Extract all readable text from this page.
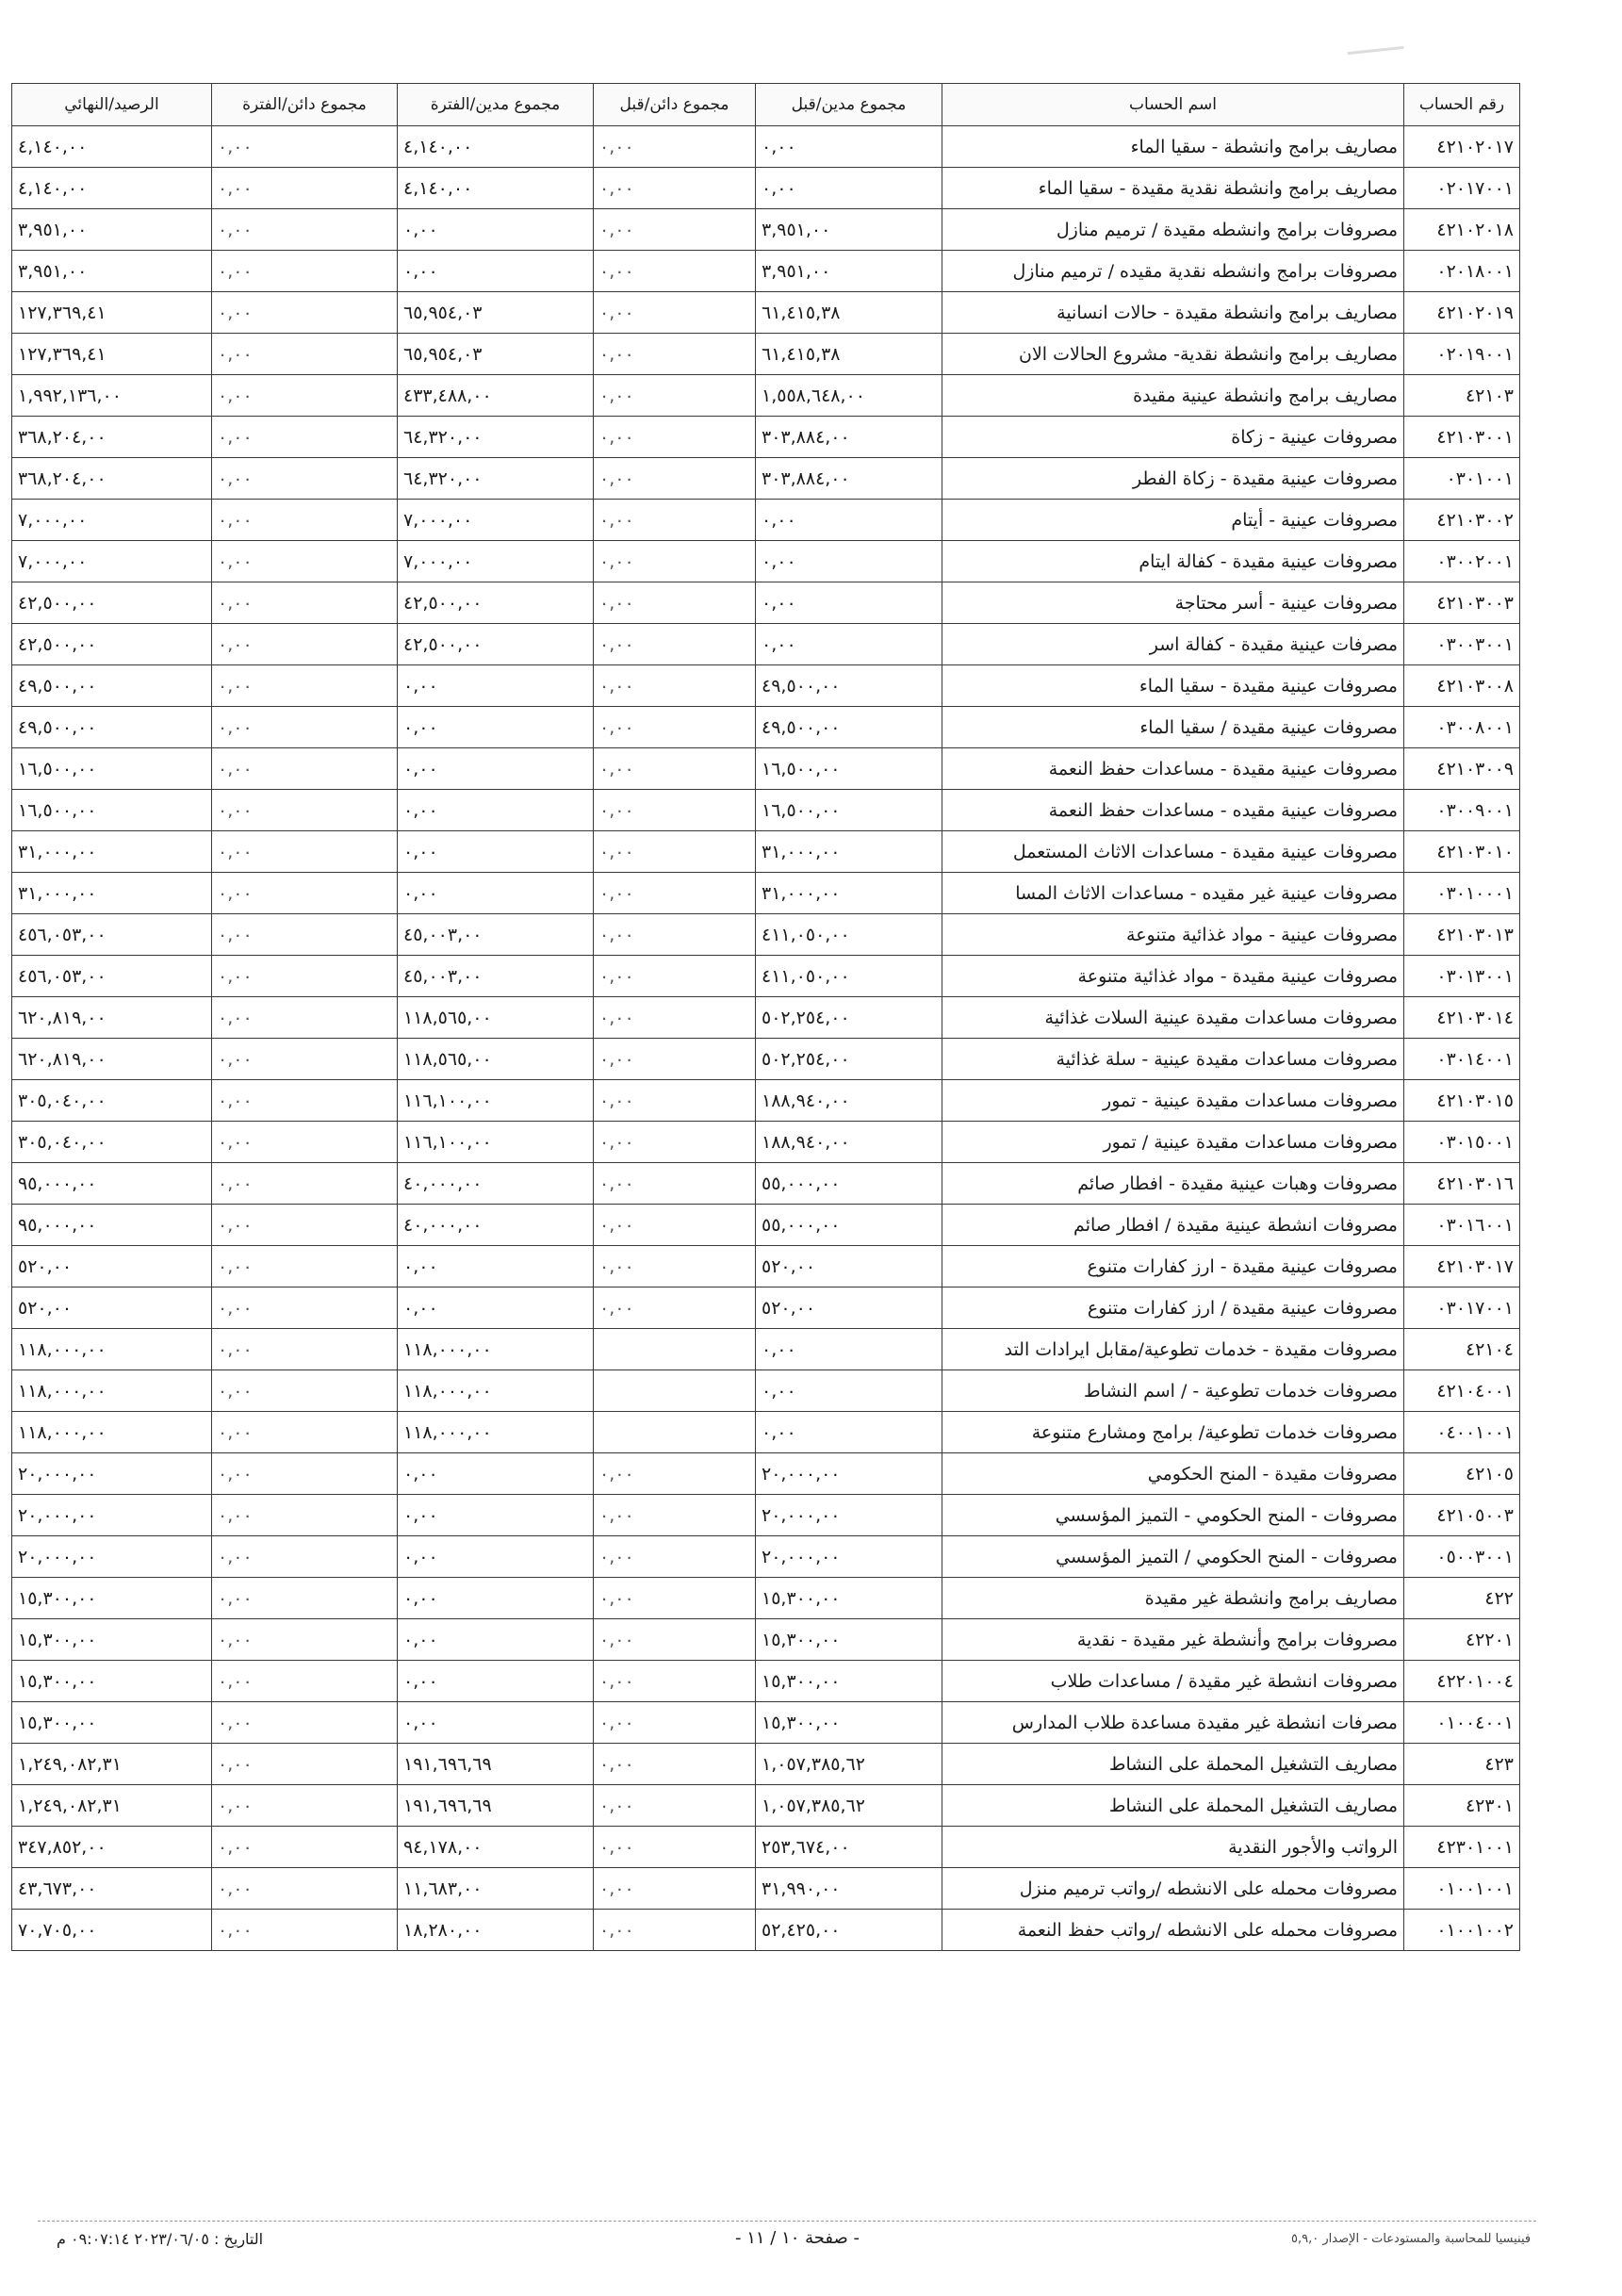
رقم الحساب	اسم الحساب	مجموع مدين/قبل	مجموع دائن/قبل	مجموع مدين/الفترة	مجموع دائن/الفترة	الرصيد/النهائي
٤٢١٠٢٠١٧	مصاريف برامج وانشطة - سقيا الماء	٠,٠٠	٠,٠٠	٤,١٤٠,٠٠	٠,٠٠	٤,١٤٠,٠٠
٠٢٠١٧٠٠١	مصاريف برامج وانشطة نقدية مقيدة - سقيا الماء	٠,٠٠	٠,٠٠	٤,١٤٠,٠٠	٠,٠٠	٤,١٤٠,٠٠
٤٢١٠٢٠١٨	مصروفات برامج وانشطه مقيدة / ترميم منازل	٣,٩٥١,٠٠	٠,٠٠	٠,٠٠	٠,٠٠	٣,٩٥١,٠٠
٠٢٠١٨٠٠١	مصروفات برامج وانشطه نقدية مقيده / ترميم منازل	٣,٩٥١,٠٠	٠,٠٠	٠,٠٠	٠,٠٠	٣,٩٥١,٠٠
٤٢١٠٢٠١٩	مصاريف برامج وانشطة مقيدة - حالات انسانية	٦١,٤١٥,٣٨	٠,٠٠	٦٥,٩٥٤,٠٣	٠,٠٠	١٢٧,٣٦٩,٤١
٠٢٠١٩٠٠١	مصاريف برامج وانشطة نقدية- مشروع الحالات الان	٦١,٤١٥,٣٨	٠,٠٠	٦٥,٩٥٤,٠٣	٠,٠٠	١٢٧,٣٦٩,٤١
٤٢١٠٣	مصاريف برامج وانشطة عينية مقيدة	١,٥٥٨,٦٤٨,٠٠	٠,٠٠	٤٣٣,٤٨٨,٠٠	٠,٠٠	١,٩٩٢,١٣٦,٠٠
٤٢١٠٣٠٠١	مصروفات عينية - زكاة	٣٠٣,٨٨٤,٠٠	٠,٠٠	٦٤,٣٢٠,٠٠	٠,٠٠	٣٦٨,٢٠٤,٠٠
٠٣٠١٠٠١	مصروفات عينية مقيدة - زكاة الفطر	٣٠٣,٨٨٤,٠٠	٠,٠٠	٦٤,٣٢٠,٠٠	٠,٠٠	٣٦٨,٢٠٤,٠٠
٤٢١٠٣٠٠٢	مصروفات عينية - أيتام	٠,٠٠	٠,٠٠	٧,٠٠٠,٠٠	٠,٠٠	٧,٠٠٠,٠٠
٠٣٠٠٢٠٠١	مصروفات عينية مقيدة - كفالة ايتام	٠,٠٠	٠,٠٠	٧,٠٠٠,٠٠	٠,٠٠	٧,٠٠٠,٠٠
٤٢١٠٣٠٠٣	مصروفات عينية - أسر محتاجة	٠,٠٠	٠,٠٠	٤٢,٥٠٠,٠٠	٠,٠٠	٤٢,٥٠٠,٠٠
٠٣٠٠٣٠٠١	مصرفات عينية مقيدة - كفالة اسر	٠,٠٠	٠,٠٠	٤٢,٥٠٠,٠٠	٠,٠٠	٤٢,٥٠٠,٠٠
٤٢١٠٣٠٠٨	مصروفات عينية مقيدة - سقيا الماء	٤٩,٥٠٠,٠٠	٠,٠٠	٠,٠٠	٠,٠٠	٤٩,٥٠٠,٠٠
٠٣٠٠٨٠٠١	مصروفات عينية مقيدة / سقيا الماء	٤٩,٥٠٠,٠٠	٠,٠٠	٠,٠٠	٠,٠٠	٤٩,٥٠٠,٠٠
٤٢١٠٣٠٠٩	مصروفات عينية مقيدة - مساعدات حفظ النعمة	١٦,٥٠٠,٠٠	٠,٠٠	٠,٠٠	٠,٠٠	١٦,٥٠٠,٠٠
٠٣٠٠٩٠٠١	مصروفات عينية مقيده - مساعدات حفظ النعمة	١٦,٥٠٠,٠٠	٠,٠٠	٠,٠٠	٠,٠٠	١٦,٥٠٠,٠٠
٤٢١٠٣٠١٠	مصروفات عينية مقيدة - مساعدات الاثاث المستعمل	٣١,٠٠٠,٠٠	٠,٠٠	٠,٠٠	٠,٠٠	٣١,٠٠٠,٠٠
٠٣٠١٠٠٠١	مصروفات عينية غير مقيده - مساعدات الاثاث المسا	٣١,٠٠٠,٠٠	٠,٠٠	٠,٠٠	٠,٠٠	٣١,٠٠٠,٠٠
٤٢١٠٣٠١٣	مصروفات عينية - مواد غذائية متنوعة	٤١١,٠٥٠,٠٠	٠,٠٠	٤٥,٠٠٣,٠٠	٠,٠٠	٤٥٦,٠٥٣,٠٠
٠٣٠١٣٠٠١	مصروفات عينية مقيدة - مواد غذائية متنوعة	٤١١,٠٥٠,٠٠	٠,٠٠	٤٥,٠٠٣,٠٠	٠,٠٠	٤٥٦,٠٥٣,٠٠
٤٢١٠٣٠١٤	مصروفات مساعدات مقيدة عينية السلات غذائية	٥٠٢,٢٥٤,٠٠	٠,٠٠	١١٨,٥٦٥,٠٠	٠,٠٠	٦٢٠,٨١٩,٠٠
٠٣٠١٤٠٠١	مصروفات مساعدات مقيدة عينية - سلة غذائية	٥٠٢,٢٥٤,٠٠	٠,٠٠	١١٨,٥٦٥,٠٠	٠,٠٠	٦٢٠,٨١٩,٠٠
٤٢١٠٣٠١٥	مصروفات مساعدات مقيدة عينية - تمور	١٨٨,٩٤٠,٠٠	٠,٠٠	١١٦,١٠٠,٠٠	٠,٠٠	٣٠٥,٠٤٠,٠٠
٠٣٠١٥٠٠١	مصروفات مساعدات مقيدة عينية / تمور	١٨٨,٩٤٠,٠٠	٠,٠٠	١١٦,١٠٠,٠٠	٠,٠٠	٣٠٥,٠٤٠,٠٠
٤٢١٠٣٠١٦	مصروفات وهبات عينية مقيدة - افطار صائم	٥٥,٠٠٠,٠٠	٠,٠٠	٤٠,٠٠٠,٠٠	٠,٠٠	٩٥,٠٠٠,٠٠
٠٣٠١٦٠٠١	مصروفات انشطة عينية مقيدة / افطار صائم	٥٥,٠٠٠,٠٠	٠,٠٠	٤٠,٠٠٠,٠٠	٠,٠٠	٩٥,٠٠٠,٠٠
٤٢١٠٣٠١٧	مصروفات عينية مقيدة - ارز كفارات متنوع	٥٢٠,٠٠	٠,٠٠	٠,٠٠	٠,٠٠	٥٢٠,٠٠
٠٣٠١٧٠٠١	مصروفات عينية مقيدة / ارز كفارات متنوع	٥٢٠,٠٠	٠,٠٠	٠,٠٠	٠,٠٠	٥٢٠,٠٠
٤٢١٠٤	مصروفات مقيدة - خدمات تطوعية/مقابل ايرادات التد	٠,٠٠		١١٨,٠٠٠,٠٠	٠,٠٠	١١٨,٠٠٠,٠٠
٤٢١٠٤٠٠١	مصروفات خدمات تطوعية - / اسم النشاط	٠,٠٠		١١٨,٠٠٠,٠٠	٠,٠٠	١١٨,٠٠٠,٠٠
٠٤٠٠١٠٠١	مصروفات خدمات تطوعية/ برامج ومشارع متنوعة	٠,٠٠		١١٨,٠٠٠,٠٠	٠,٠٠	١١٨,٠٠٠,٠٠
٤٢١٠٥	مصروفات مقيدة - المنح الحكومي	٢٠,٠٠٠,٠٠	٠,٠٠	٠,٠٠	٠,٠٠	٢٠,٠٠٠,٠٠
٤٢١٠٥٠٠٣	مصروفات - المنح الحكومي - التميز المؤسسي	٢٠,٠٠٠,٠٠	٠,٠٠	٠,٠٠	٠,٠٠	٢٠,٠٠٠,٠٠
٠٥٠٠٣٠٠١	مصروفات - المنح الحكومي / التميز المؤسسي	٢٠,٠٠٠,٠٠	٠,٠٠	٠,٠٠	٠,٠٠	٢٠,٠٠٠,٠٠
٤٢٢	مصاريف برامج وانشطة غير مقيدة	١٥,٣٠٠,٠٠	٠,٠٠	٠,٠٠	٠,٠٠	١٥,٣٠٠,٠٠
٤٢٢٠١	مصروفات برامج وأنشطة غير مقيدة - نقدية	١٥,٣٠٠,٠٠	٠,٠٠	٠,٠٠	٠,٠٠	١٥,٣٠٠,٠٠
٤٢٢٠١٠٠٤	مصروفات انشطة غير مقيدة / مساعدات طلاب	١٥,٣٠٠,٠٠	٠,٠٠	٠,٠٠	٠,٠٠	١٥,٣٠٠,٠٠
٠١٠٠٤٠٠١	مصرفات انشطة غير مقيدة مساعدة طلاب المدارس	١٥,٣٠٠,٠٠	٠,٠٠	٠,٠٠	٠,٠٠	١٥,٣٠٠,٠٠
٤٢٣	مصاريف التشغيل المحملة على النشاط	١,٠٥٧,٣٨٥,٦٢	٠,٠٠	١٩١,٦٩٦,٦٩	٠,٠٠	١,٢٤٩,٠٨٢,٣١
٤٢٣٠١	مصاريف التشغيل المحملة على النشاط	١,٠٥٧,٣٨٥,٦٢	٠,٠٠	١٩١,٦٩٦,٦٩	٠,٠٠	١,٢٤٩,٠٨٢,٣١
٤٢٣٠١٠٠١	الرواتب والأجور النقدية	٢٥٣,٦٧٤,٠٠	٠,٠٠	٩٤,١٧٨,٠٠	٠,٠٠	٣٤٧,٨٥٢,٠٠
٠١٠٠١٠٠١	مصروفات محمله على الانشطه /رواتب ترميم منزل	٣١,٩٩٠,٠٠	٠,٠٠	١١,٦٨٣,٠٠	٠,٠٠	٤٣,٦٧٣,٠٠
٠١٠٠١٠٠٢	مصروفات محمله على الانشطه /رواتب حفظ النعمة	٥٢,٤٢٥,٠٠	٠,٠٠	١٨,٢٨٠,٠٠	٠,٠٠	٧٠,٧٠٥,٠٠
فينيسيا للمحاسبة والمستودعات - الإصدار ٥,٩,٠
- صفحة ١٠ / ١١ -
التاريخ : ٢٠٢٣/٠٦/٠٥ ٠٩:٠٧:١٤ م
